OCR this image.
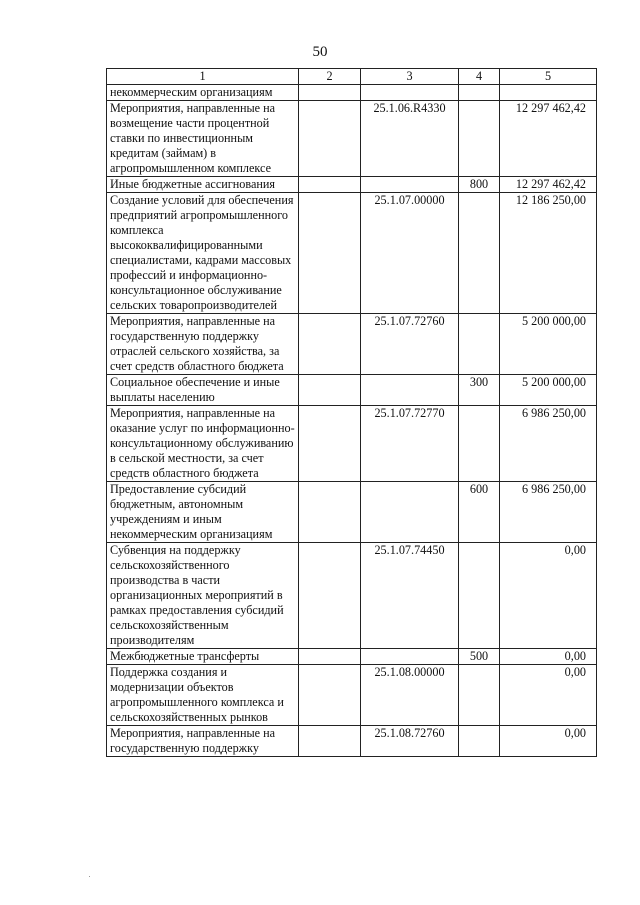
50
1	2	3	4	5
некоммерческим организациям				
Мероприятия, направленные на возмещение части процентной ставки по инвестиционным кредитам (займам) в агропромышленном комплексе		25.1.06.R4330		12 297 462,42
Иные бюджетные ассигнования			800	12 297 462,42
Создание условий для обеспечения предприятий агропромышленного комплекса высококвалифицированными специалистами, кадрами массовых профессий и информационно-консультационное обслуживание сельских товаропроизводителей		25.1.07.00000		12 186 250,00
Мероприятия, направленные на государственную поддержку отраслей сельского хозяйства, за счет средств областного бюджета		25.1.07.72760		5 200 000,00
Социальное обеспечение и иные выплаты населению			300	5 200 000,00
Мероприятия, направленные на оказание услуг по информационно-консультационному обслуживанию в сельской местности, за счет средств областного бюджета		25.1.07.72770		6 986 250,00
Предоставление субсидий бюджетным, автономным учреждениям и иным некоммерческим организациям			600	6 986 250,00
Субвенция на поддержку сельскохозяйственного производства в части организационных мероприятий в рамках предоставления субсидий сельскохозяйственным производителям		25.1.07.74450		0,00
Межбюджетные трансферты			500	0,00
Поддержка создания и модернизации объектов агропромышленного комплекса и сельскохозяйственных рынков		25.1.08.00000		0,00
Мероприятия, направленные на государственную поддержку		25.1.08.72760		0,00
